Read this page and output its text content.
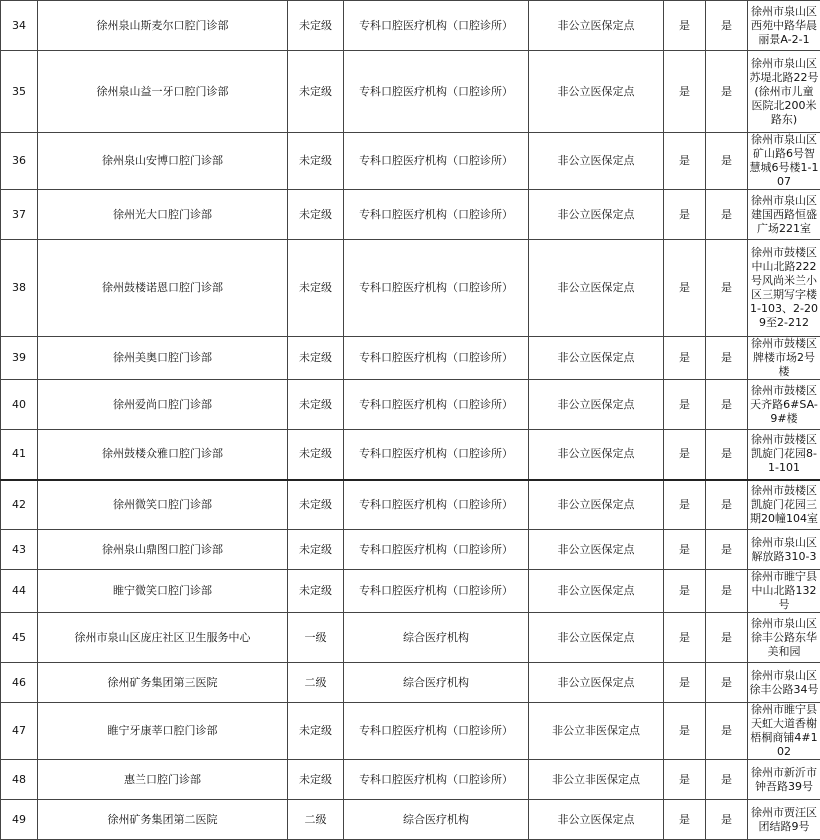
34	徐州泉山斯麦尔口腔门诊部	未定级	专科口腔医疗机构（口腔诊所）	非公立医保定点	是	是	徐州市泉山区西苑中路华晨丽景A-2-1
35	徐州泉山益一牙口腔门诊部	未定级	专科口腔医疗机构（口腔诊所）	非公立医保定点	是	是	徐州市泉山区苏堤北路22号(徐州市儿童医院北200米路东)
36	徐州泉山安博口腔门诊部	未定级	专科口腔医疗机构（口腔诊所）	非公立医保定点	是	是	徐州市泉山区矿山路6号智慧城6号楼1-107
37	徐州光大口腔门诊部	未定级	专科口腔医疗机构（口腔诊所）	非公立医保定点	是	是	徐州市泉山区建国西路恒盛广场221室
38	徐州鼓楼诺恩口腔门诊部	未定级	专科口腔医疗机构（口腔诊所）	非公立医保定点	是	是	徐州市鼓楼区中山北路222号风尚米兰小区三期写字楼1-103、2-209至2-212
39	徐州美奥口腔门诊部	未定级	专科口腔医疗机构（口腔诊所）	非公立医保定点	是	是	徐州市鼓楼区牌楼市场2号楼
40	徐州爱尚口腔门诊部	未定级	专科口腔医疗机构（口腔诊所）	非公立医保定点	是	是	徐州市鼓楼区天齐路6#SA-9#楼
41	徐州鼓楼众雅口腔门诊部	未定级	专科口腔医疗机构（口腔诊所）	非公立医保定点	是	是	徐州市鼓楼区凯旋门花园8-1-101
42	徐州微笑口腔门诊部	未定级	专科口腔医疗机构（口腔诊所）	非公立医保定点	是	是	徐州市鼓楼区凯旋门花园三期20幢104室
43	徐州泉山鼎图口腔门诊部	未定级	专科口腔医疗机构（口腔诊所）	非公立医保定点	是	是	徐州市泉山区解放路310-3
44	睢宁微笑口腔门诊部	未定级	专科口腔医疗机构（口腔诊所）	非公立医保定点	是	是	徐州市睢宁县中山北路132号
45	徐州市泉山区庞庄社区卫生服务中心	一级	综合医疗机构	非公立医保定点	是	是	徐州市泉山区徐丰公路东华美和园
46	徐州矿务集团第三医院	二级	综合医疗机构	非公立医保定点	是	是	徐州市泉山区徐丰公路34号
47	睢宁牙康莘口腔门诊部	未定级	专科口腔医疗机构（口腔诊所）	非公立非医保定点	是	是	徐州市睢宁县天虹大道香榭梧桐商铺4#102
48	惠兰口腔门诊部	未定级	专科口腔医疗机构（口腔诊所）	非公立非医保定点	是	是	徐州市新沂市钟吾路39号
49	徐州矿务集团第二医院	二级	综合医疗机构	非公立医保定点	是	是	徐州市贾汪区团结路9号
